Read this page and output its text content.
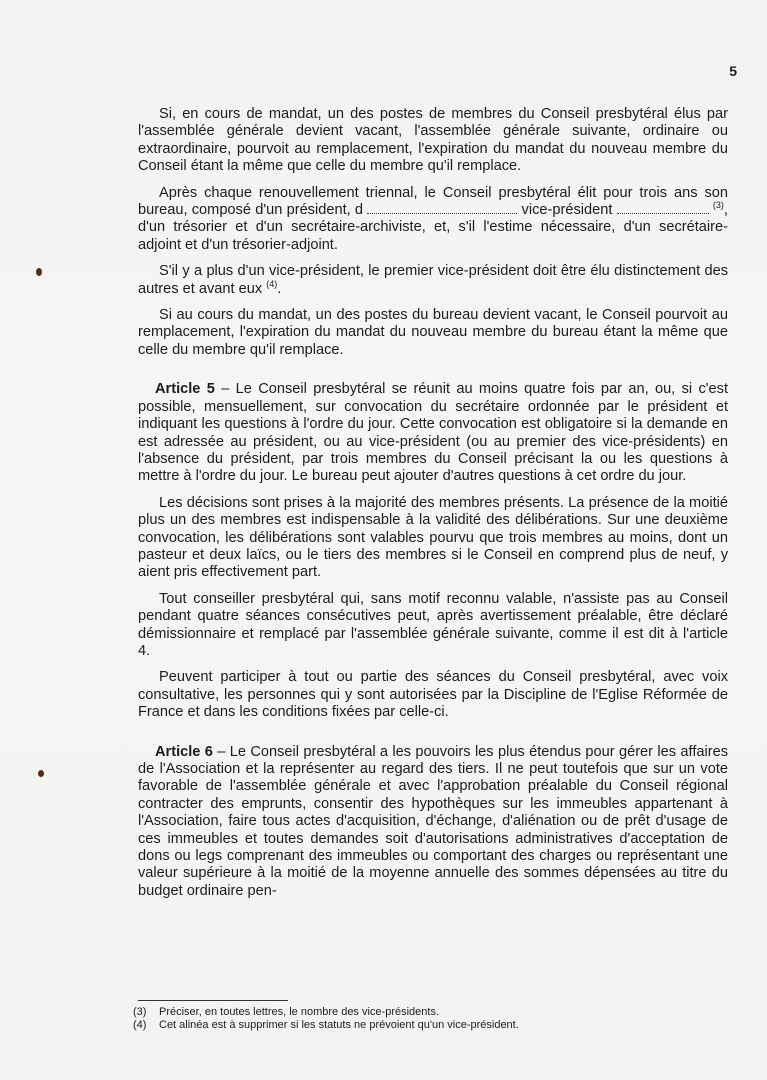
5

Si, en cours de mandat, un des postes de membres du Conseil presbytéral élus par l'assemblée générale devient vacant, l'assemblée générale suivante, ordinaire ou extraordinaire, pourvoit au remplacement, l'expiration du mandat du nouveau membre du Conseil étant la même que celle du membre qu'il remplace.

Après chaque renouvellement triennal, le Conseil presbytéral élit pour trois ans son bureau, composé d'un président, d	vice-président	$^{(3)}$, d'un trésorier et d'un secrétaire-archiviste, et, s'il l'estime nécessaire, d'un secrétaire-adjoint et d'un trésorier-adjoint.

S'il y a plus d'un vice-président, le premier vice-président doit être élu distinctement des autres et avant eux $^{(4)}$.

Si au cours du mandat, un des postes du bureau devient vacant, le Conseil pourvoit au remplacement, l'expiration du mandat du nouveau membre du bureau étant la même que celle du membre qu'il remplace.

Article 5 – Le Conseil presbytéral se réunit au moins quatre fois par an, ou, si c'est possible, mensuellement, sur convocation du secrétaire ordonnée par le président et indiquant les questions à l'ordre du jour. Cette convocation est obligatoire si la demande en est adressée au président, ou au vice-président (ou au premier des vice-présidents) en l'absence du président, par trois membres du Conseil précisant la ou les questions à mettre à l'ordre du jour. Le bureau peut ajouter d'autres questions à cet ordre du jour.

Les décisions sont prises à la majorité des membres présents. La présence de la moitié plus un des membres est indispensable à la validité des délibérations. Sur une deuxième convocation, les délibérations sont valables pourvu que trois membres au moins, dont un pasteur et deux laïcs, ou le tiers des membres si le Conseil en comprend plus de neuf, y aient pris effectivement part.

Tout conseiller presbytéral qui, sans motif reconnu valable, n'assiste pas au Conseil pendant quatre séances consécutives peut, après avertissement préalable, être déclaré démissionnaire et remplacé par l'assemblée générale suivante, comme il est dit à l'article 4.

Peuvent participer à tout ou partie des séances du Conseil presbytéral, avec voix consultative, les personnes qui y sont autorisées par la Discipline de l'Eglise Réformée de France et dans les conditions fixées par celle-ci.

Article 6 – Le Conseil presbytéral a les pouvoirs les plus étendus pour gérer les affaires de l'Association et la représenter au regard des tiers. Il ne peut toutefois que sur un vote favorable de l'assemblée générale et avec l'approbation préalable du Conseil régional contracter des emprunts, consentir des hypothèques sur les immeubles appartenant à l'Association, faire tous actes d'acquisition, d'échange, d'aliénation ou de prêt d'usage de ces immeubles et toutes demandes soit d'autorisations administratives d'acceptation de dons ou legs comprenant des immeubles ou comportant des charges ou représentant une valeur supérieure à la moitié de la moyenne annuelle des sommes dépensées au titre du budget ordinaire pen-

(3)	Préciser, en toutes lettres, le nombre des vice-présidents.
(4)	Cet alinéa est à supprimer si les statuts ne prévoient qu'un vice-président.
